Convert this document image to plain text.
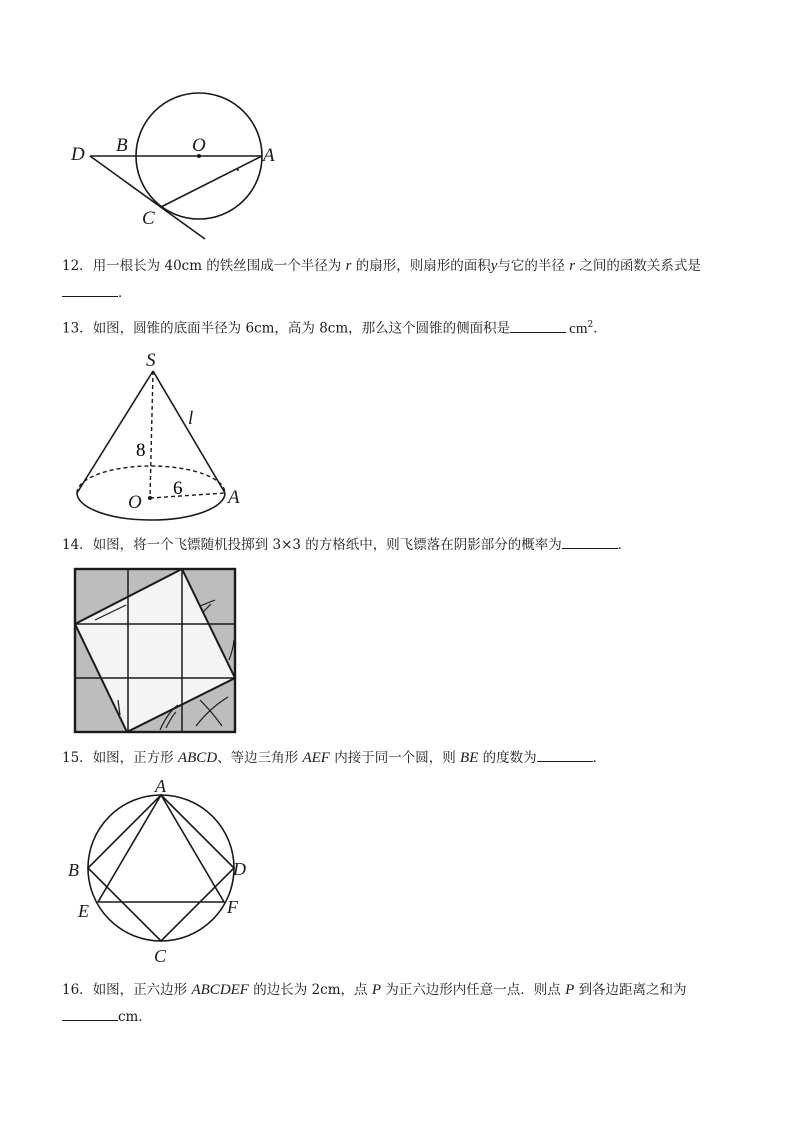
D B	O	A
C
12．用一根长为 40cm 的铁丝围成一个半径为 r 的扇形，则扇形的面积y与它的半径 r 之间的函数关系式是
．
13．如图，圆锥的底面半径为 6cm，高为 8cm，那么这个圆锥的侧面积是	$cm^2$．
S
l
8
6
O	A
14．如图，将一个飞镖随机投掷到 3×3 的方格纸中，则飞镖落在阴影部分的概率为	．
15．如图，正方形 ABCD、等边三角形 AEF 内接于同一个圆，则 BE 的度数为	．
A
B	D
E	F
C
16．如图，正六边形 ABCDEF 的边长为 2cm，点 P 为正六边形内任意一点．则点 P 到各边距离之和为
cm．
